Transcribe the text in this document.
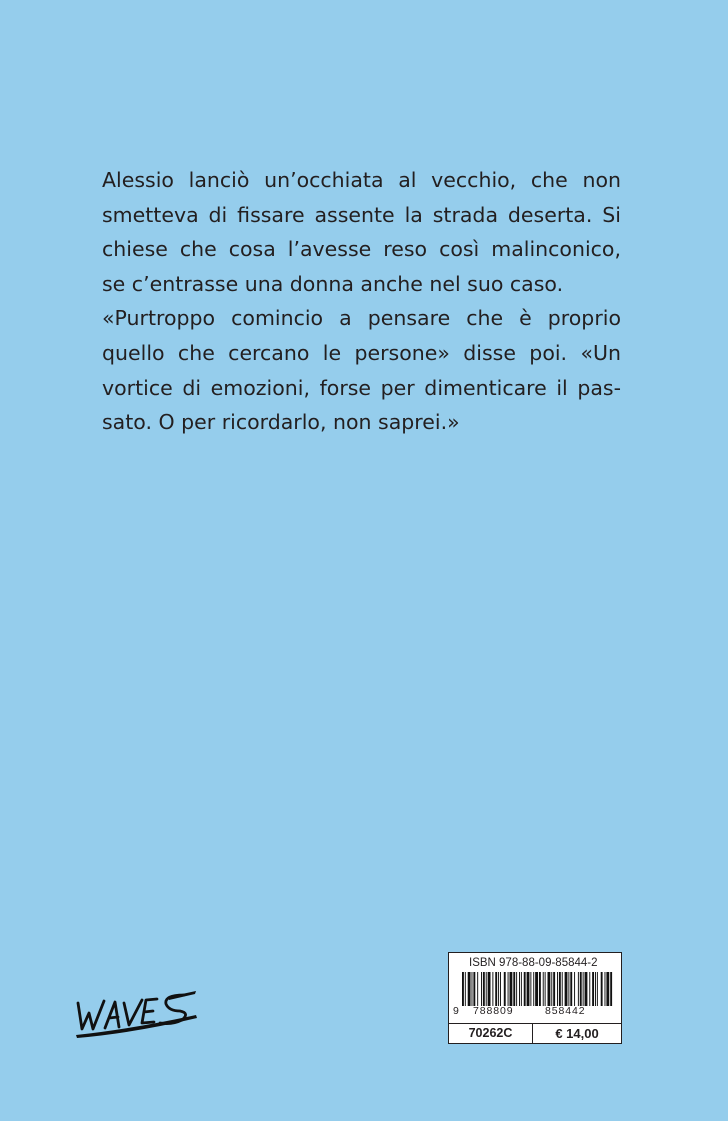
Alessio lanciò un’occhiata al vecchio, che non
smetteva di fissare assente la strada deserta. Si
chiese che cosa l’avesse reso così malinconico,
se c’entrasse una donna anche nel suo caso.
«Purtroppo comincio a pensare che è proprio
quello che cercano le persone» disse poi. «Un
vortice di emozioni, forse per dimenticare il pas-
sato. O per ricordarlo, non saprei.»

ISBN 978-88-09-85844-2
9 788809	858442
70262C	€ 14,00
